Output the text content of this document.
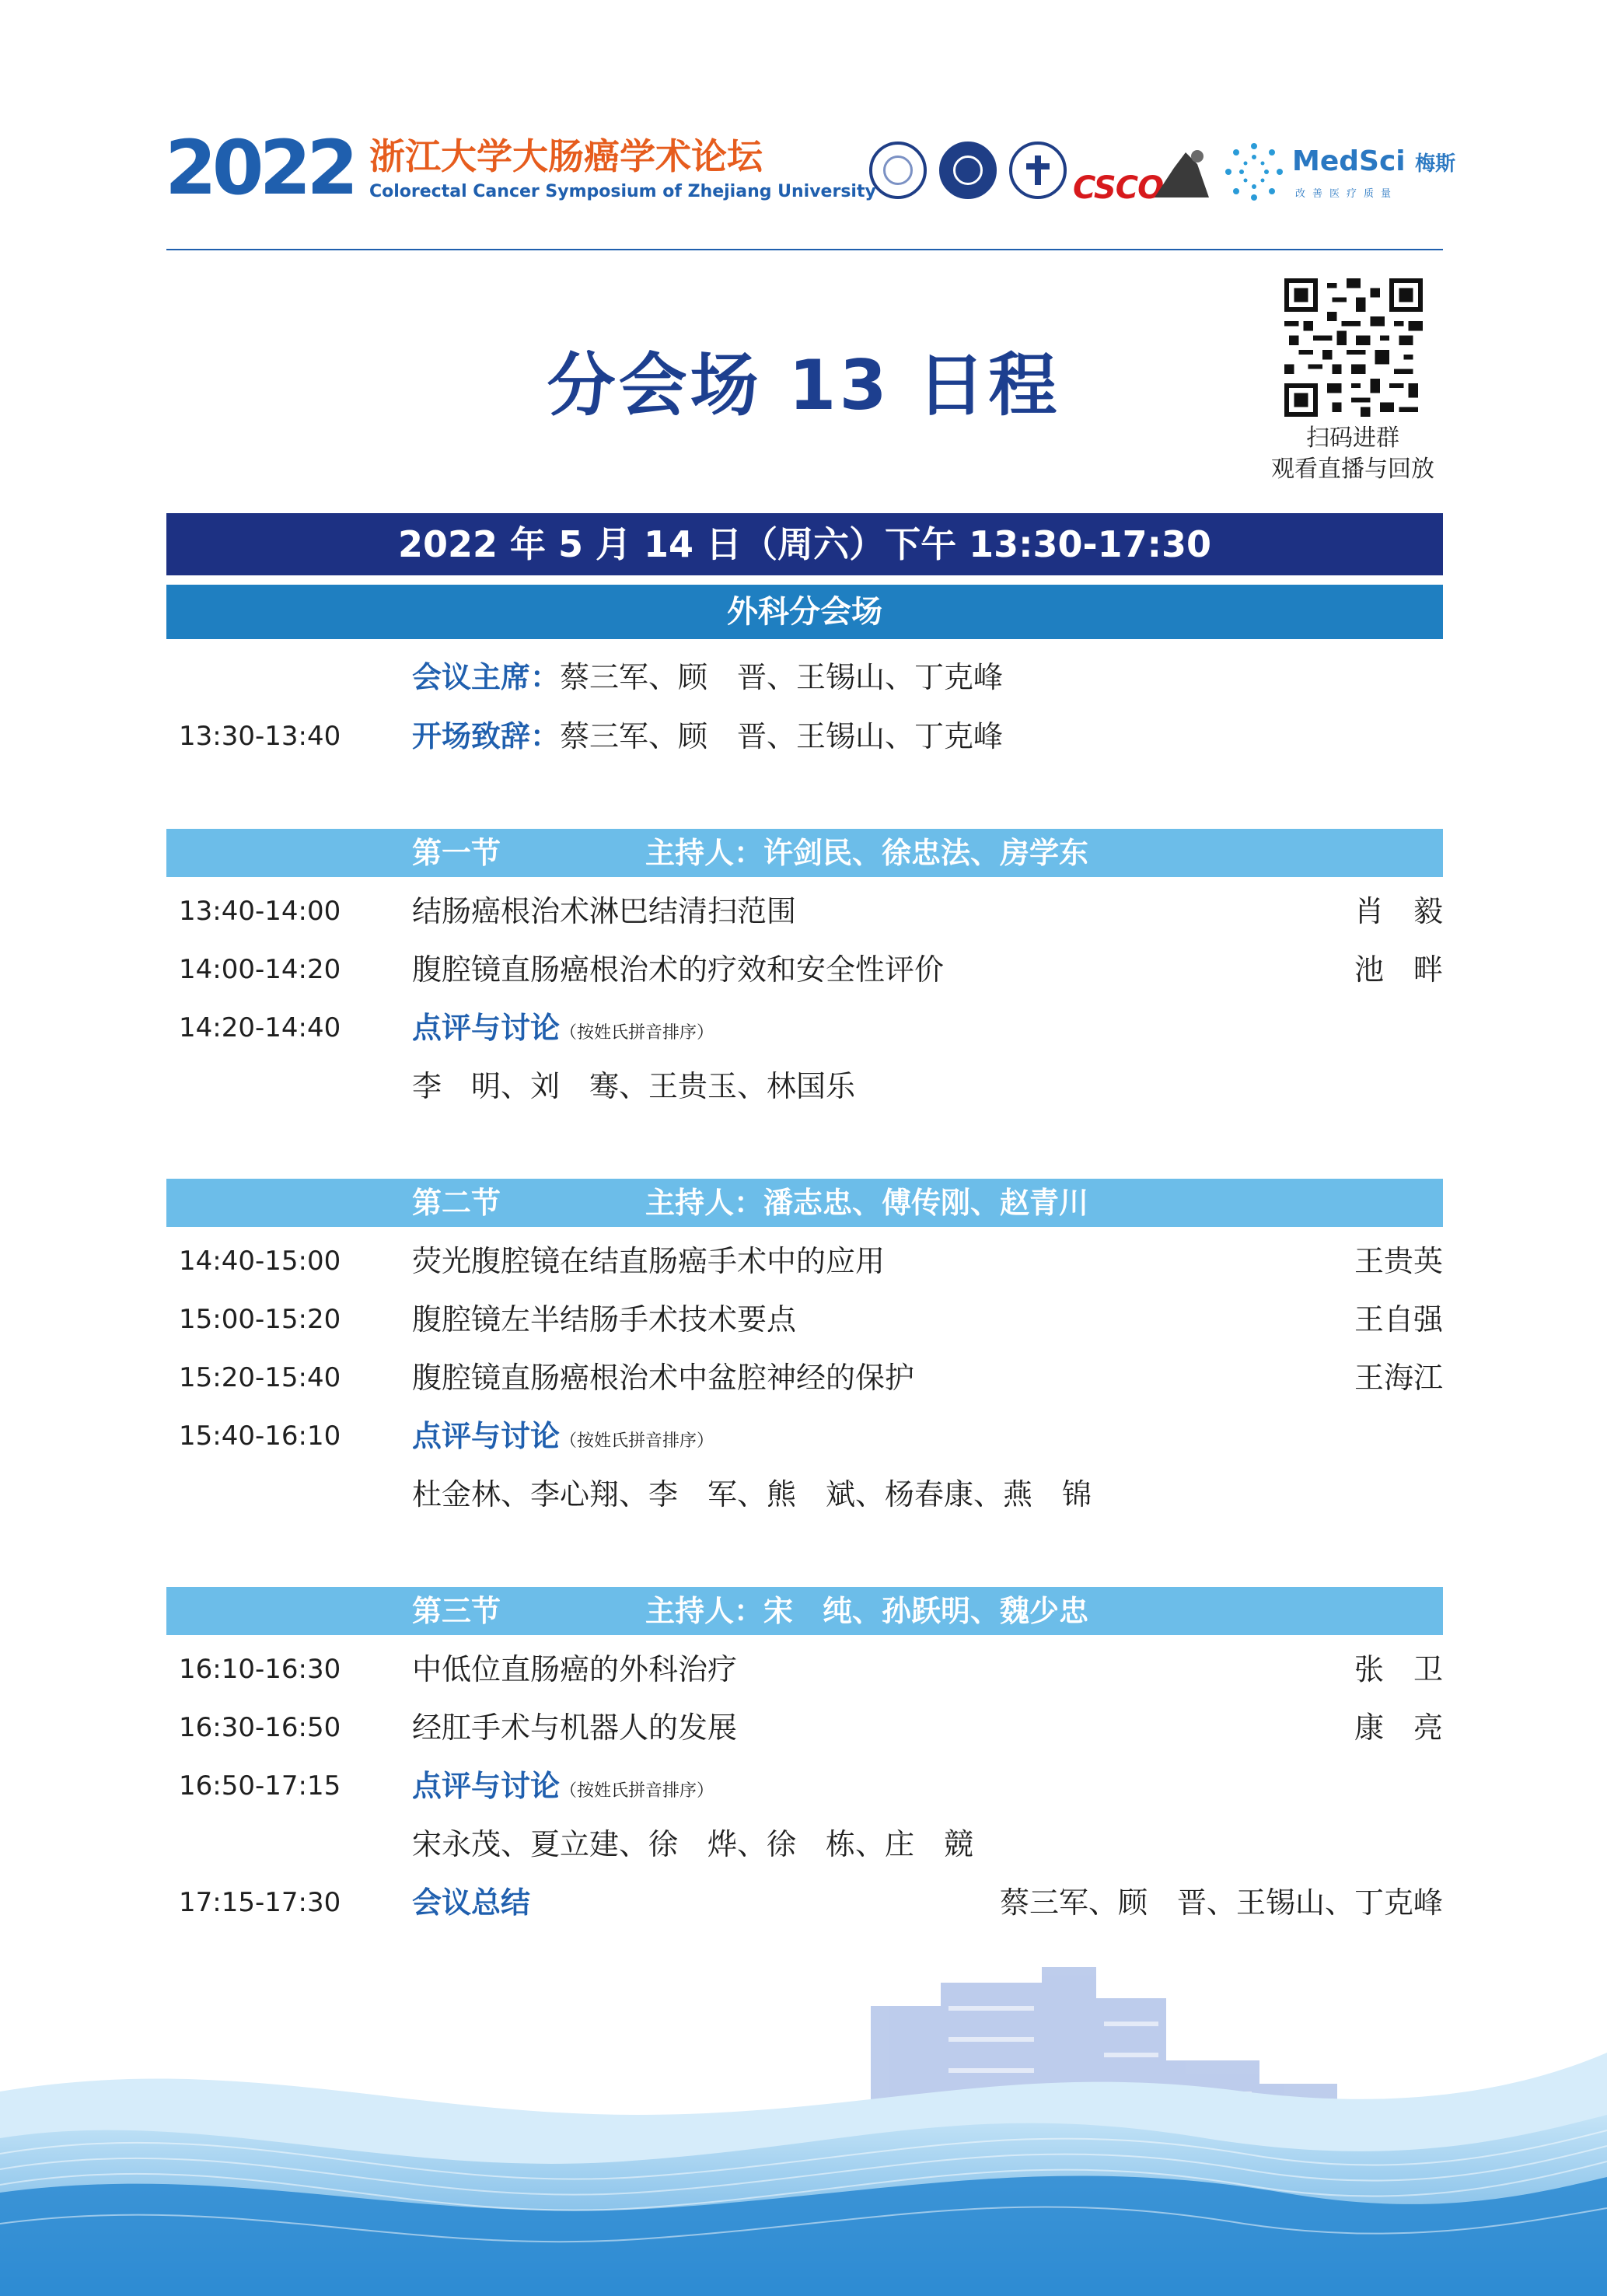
2022 浙江大学大肠癌学术论坛
Colorectal Cancer Symposium of Zhejiang University	CSCO
MedSci 梅斯
改善医疗质量
分会场 13 日程
扫码进群
观看直播与回放
2022 年 5 月 14 日（周六）下午 13:30-17:30
外科分会场
会议主席：蔡三军、顾　晋、王锡山、丁克峰
13:30-13:40 开场致辞：蔡三军、顾　晋、王锡山、丁克峰
第一节	主持人：许剑民、徐忠法、房学东
13:40-14:00 结肠癌根治术淋巴结清扫范围	肖　毅
14:00-14:20 腹腔镜直肠癌根治术的疗效和安全性评价	池　畔
14:20-14:40 点评与讨论（按姓氏拼音排序）
李　明、刘　骞、王贵玉、林国乐
第二节	主持人：潘志忠、傅传刚、赵青川
14:40-15:00 荧光腹腔镜在结直肠癌手术中的应用	王贵英
15:00-15:20 腹腔镜左半结肠手术技术要点	王自强
15:20-15:40 腹腔镜直肠癌根治术中盆腔神经的保护	王海江
15:40-16:10 点评与讨论（按姓氏拼音排序）
杜金林、李心翔、李　军、熊　斌、杨春康、燕　锦
第三节	主持人：宋　纯、孙跃明、魏少忠
16:10-16:30 中低位直肠癌的外科治疗	张　卫
16:30-16:50 经肛手术与机器人的发展	康　亮
16:50-17:15 点评与讨论（按姓氏拼音排序）
宋永茂、夏立建、徐　烨、徐　栋、庄　競
17:15-17:30 会议总结	蔡三军、顾　晋、王锡山、丁克峰
